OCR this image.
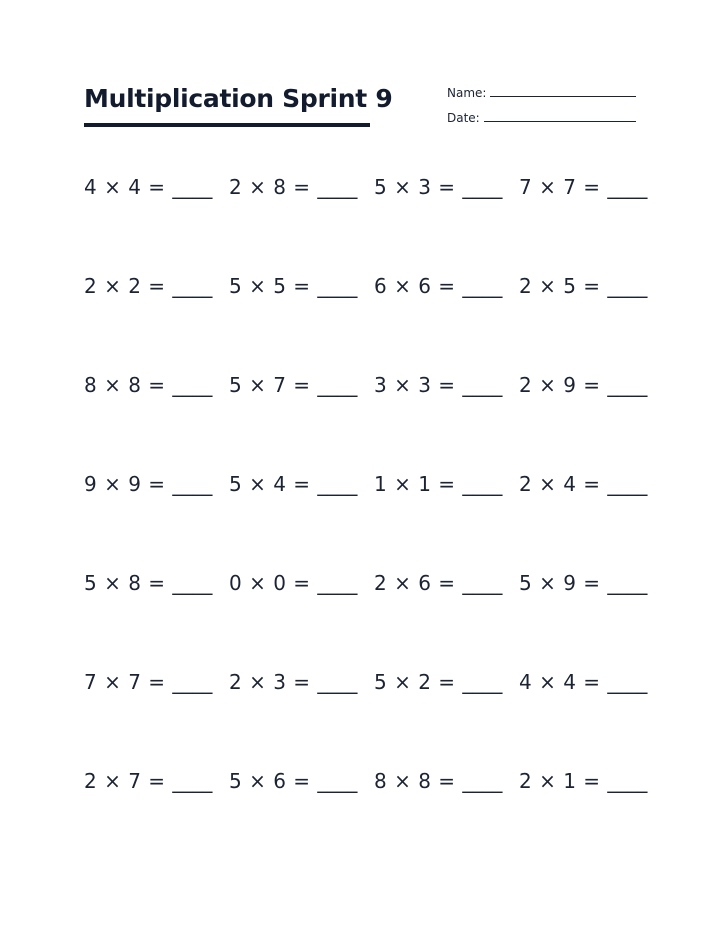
Multiplication Sprint 9	Name:
Date:
4 × 4 = ____ 2 × 8 = ____ 5 × 3 = ____ 7 × 7 = ____
2 × 2 = ____ 5 × 5 = ____ 6 × 6 = ____ 2 × 5 = ____
8 × 8 = ____ 5 × 7 = ____ 3 × 3 = ____ 2 × 9 = ____
9 × 9 = ____ 5 × 4 = ____ 1 × 1 = ____ 2 × 4 = ____
5 × 8 = ____ 0 × 0 = ____ 2 × 6 = ____ 5 × 9 = ____
7 × 7 = ____ 2 × 3 = ____ 5 × 2 = ____ 4 × 4 = ____
2 × 7 = ____ 5 × 6 = ____ 8 × 8 = ____ 2 × 1 = ____
